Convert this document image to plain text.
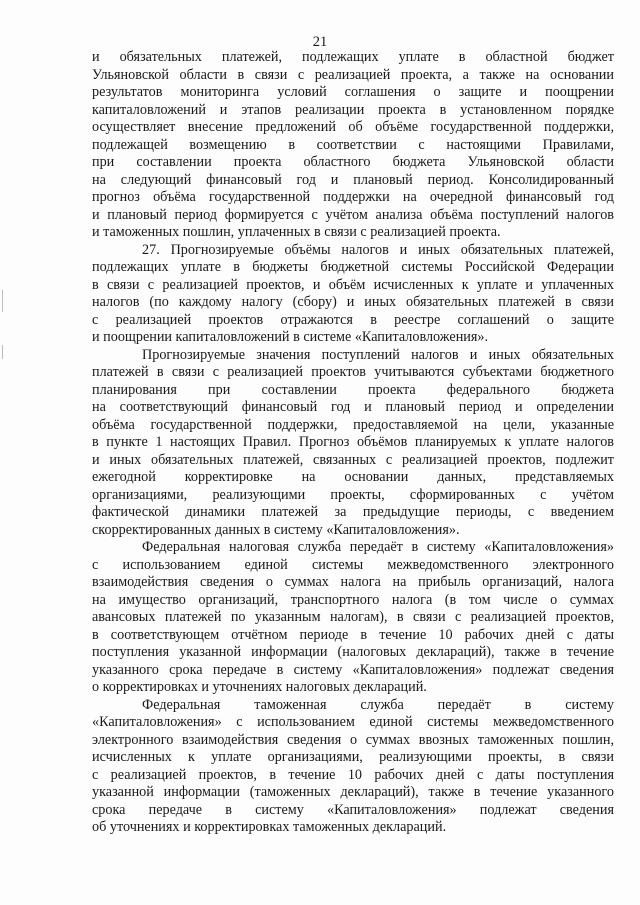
21

и обязательных платежей, подлежащих уплате в областной бюджет
Ульяновской области в связи с реализацией проекта, а также на основании
результатов мониторинга условий соглашения о защите и поощрении
капиталовложений и этапов реализации проекта в установленном порядке
осуществляет внесение предложений об объёме государственной поддержки,
подлежащей возмещению в соответствии с настоящими Правилами,
при составлении проекта областного бюджета Ульяновской области
на следующий финансовый год и плановый период. Консолидированный
прогноз объёма государственной поддержки на очередной финансовый год
и плановый период формируется с учётом анализа объёма поступлений налогов
и таможенных пошлин, уплаченных в связи с реализацией проекта.

27. Прогнозируемые объёмы налогов и иных обязательных платежей,
подлежащих уплате в бюджеты бюджетной системы Российской Федерации
в связи с реализацией проектов, и объём исчисленных к уплате и уплаченных
налогов (по каждому налогу (сбору) и иных обязательных платежей в связи
с реализацией проектов отражаются в реестре соглашений о защите
и поощрении капиталовложений в системе «Капиталовложения».

Прогнозируемые значения поступлений налогов и иных обязательных
платежей в связи с реализацией проектов учитываются субъектами бюджетного
планирования при составлении проекта федерального бюджета
на соответствующий финансовый год и плановый период и определении
объёма государственной поддержки, предоставляемой на цели, указанные
в пункте 1 настоящих Правил. Прогноз объёмов планируемых к уплате налогов
и иных обязательных платежей, связанных с реализацией проектов, подлежит
ежегодной корректировке на основании данных, представляемых
организациями, реализующими проекты, сформированных с учётом
фактической динамики платежей за предыдущие периоды, с введением
скорректированных данных в систему «Капиталовложения».

Федеральная налоговая служба передаёт в систему «Капиталовложения»
с использованием единой системы межведомственного электронного
взаимодействия сведения о суммах налога на прибыль организаций, налога
на имущество организаций, транспортного налога (в том числе о суммах
авансовых платежей по указанным налогам), в связи с реализацией проектов,
в соответствующем отчётном периоде в течение 10 рабочих дней с даты
поступления указанной информации (налоговых деклараций), также в течение
указанного срока передаче в систему «Капиталовложения» подлежат сведения
о корректировках и уточнениях налоговых деклараций.

Федеральная таможенная служба передаёт в систему
«Капиталовложения» с использованием единой системы межведомственного
электронного взаимодействия сведения о суммах ввозных таможенных пошлин,
исчисленных к уплате организациями, реализующими проекты, в связи
с реализацией проектов, в течение 10 рабочих дней с даты поступления
указанной информации (таможенных деклараций), также в течение указанного
срока передаче в систему «Капиталовложения» подлежат сведения
об уточнениях и корректировках таможенных деклараций.
